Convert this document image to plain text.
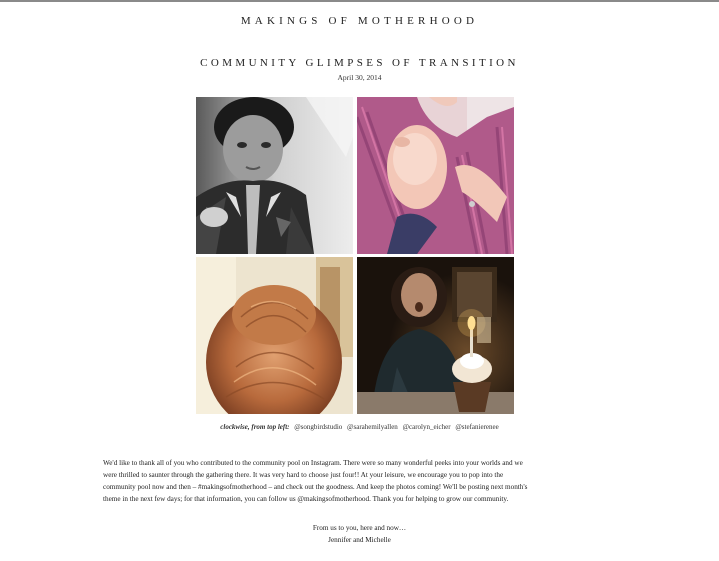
MAKINGS OF MOTHERHOOD
COMMUNITY GLIMPSES OF TRANSITION
April 30, 2014
clockwise, from top left: @songbirdstudio @sarahemilyallen @carolyn_eicher @stefanierenee
We'd like to thank all of you who contributed to the community pool on Instagram. There were so many wonderful peeks into your worlds and we
were thrilled to saunter through the gathering there. It was very hard to choose just four!! At your leisure, we encourage you to pop into the
community pool now and then – #makingsofmotherhood – and check out the goodness. And keep the photos coming! We'll be posting next month's
theme in the next few days; for that information, you can follow us @makingsofmotherhood. Thank you for helping to grow our community.
From us to you, here and now…
Jennifer and Michelle
